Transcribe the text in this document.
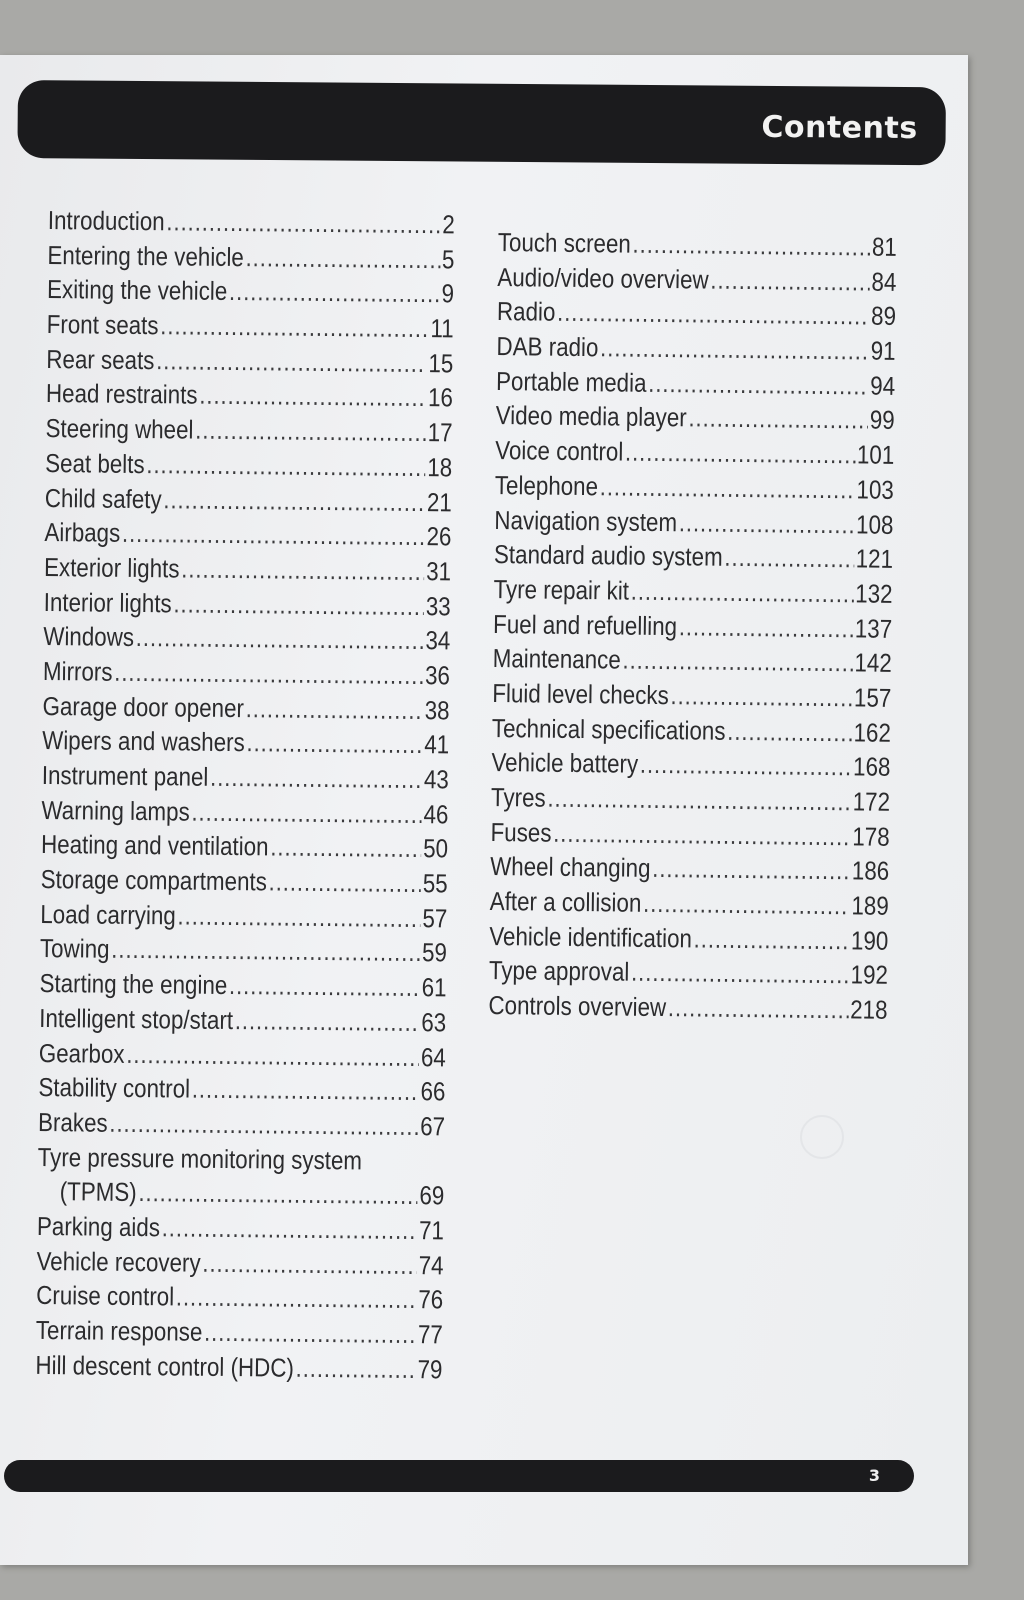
Contents
Introduction .....	2
Entering the vehicle .....	5
Exiting the vehicle .....	9
Front seats .....	11
Rear seats .....	15
Head restraints .....	16
Steering wheel .....	17
Seat belts .....	18
Child safety .....	21
Airbags .....	26
Exterior lights .....	31
Interior lights .....	33
Windows .....	34
Mirrors .....	36
Garage door opener .....	38
Wipers and washers .....	41
Instrument panel .....	43
Warning lamps .....	46
Heating and ventilation .....	50
Storage compartments .....	55
Load carrying .....	57
Towing .....	59
Starting the engine .....	61
Intelligent stop/start .....	63
Gearbox .....	64
Stability control .....	66
Brakes .....	67
Tyre pressure monitoring system
(TPMS) .....	69
Parking aids .....	71
Vehicle recovery .....	74
Cruise control .....	76
Terrain response .....	77
Hill descent control (HDC) .....	79
Touch screen .....	81
Audio/video overview .....	84
Radio .....	89
DAB radio .....	91
Portable media .....	94
Video media player .....	99
Voice control .....	101
Telephone .....	103
Navigation system .....	108
Standard audio system .....	121
Tyre repair kit .....	132
Fuel and refuelling .....	137
Maintenance .....	142
Fluid level checks .....	157
Technical specifications .....	162
Vehicle battery .....	168
Tyres .....	172
Fuses .....	178
Wheel changing .....	186
After a collision .....	189
Vehicle identification .....	190
Type approval .....	192
Controls overview .....	218
3
